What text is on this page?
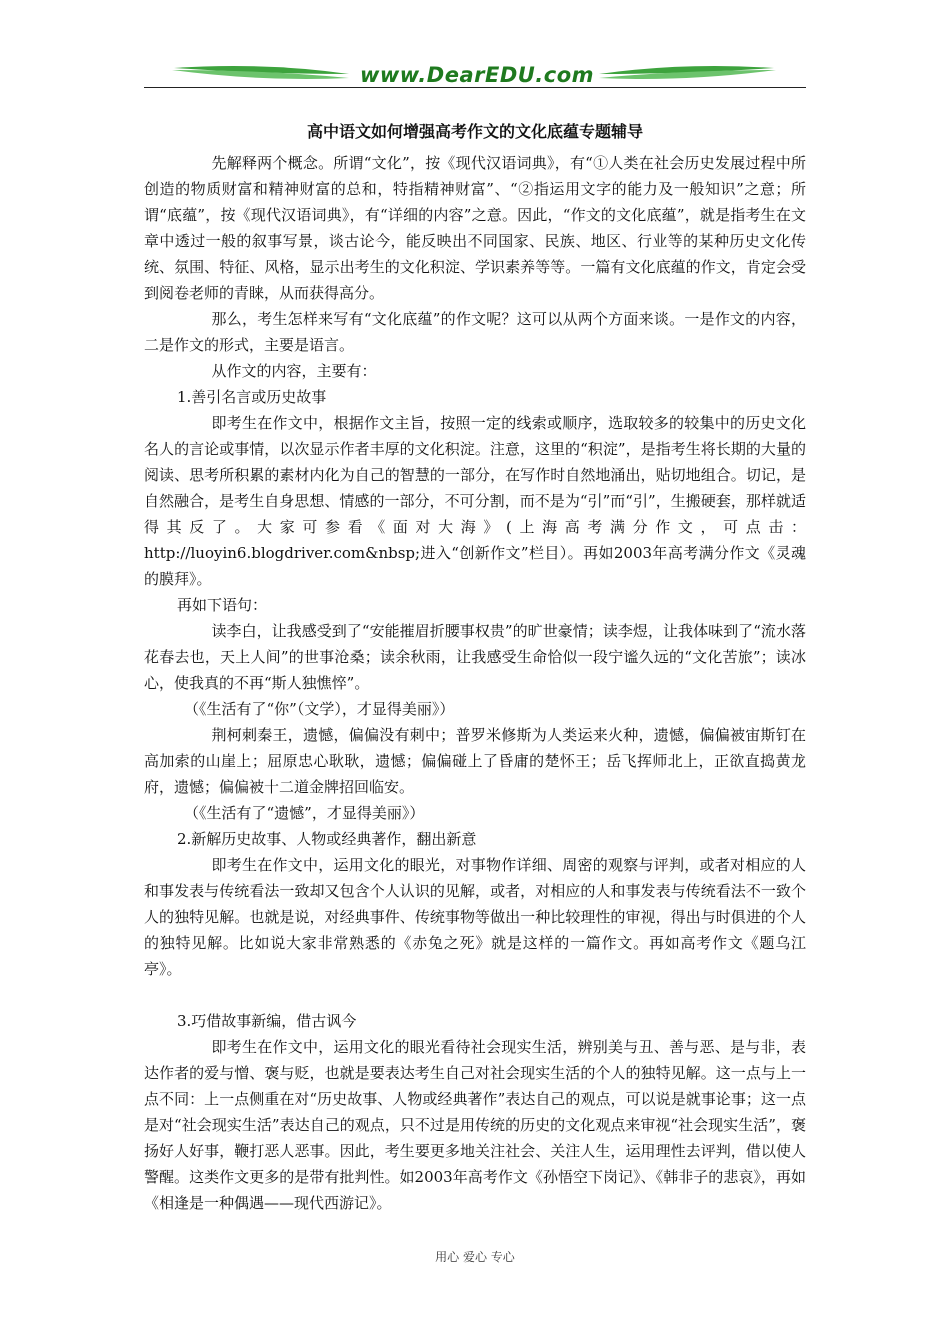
www.DearEDU.com
高中语文如何增强高考作文的文化底蕴专题辅导

先解释两个概念。所谓“文化”，按《现代汉语词典》，有“①人类在社会历史发展过程中所创造的物质财富和精神财富的总和，特指精神财富”、“②指运用文字的能力及一般知识”之意；所谓“底蕴”，按《现代汉语词典》，有“详细的内容”之意。因此，“作文的文化底蕴”，就是指考生在文章中透过一般的叙事写景，谈古论今，能反映出不同国家、民族、地区、行业等的某种历史文化传统、氛围、特征、风格，显示出考生的文化积淀、学识素养等等。一篇有文化底蕴的作文，肯定会受到阅卷老师的青睐，从而获得高分。

那么，考生怎样来写有“文化底蕴”的作文呢？这可以从两个方面来谈。一是作文的内容，二是作文的形式，主要是语言。

从作文的内容，主要有：

1.善引名言或历史故事

即考生在作文中，根据作文主旨，按照一定的线索或顺序，选取较多的较集中的历史文化名人的言论或事情，以次显示作者丰厚的文化积淀。注意，这里的“积淀”，是指考生将长期的大量的阅读、思考所积累的素材内化为自己的智慧的一部分，在写作时自然地涌出，贴切地组合。切记，是自然融合，是考生自身思想、情感的一部分，不可分割，而不是为“引”而“引”，生搬硬套，那样就适得其反了。大家可参看《面对大海》(上海高考满分作文，可点击：http://luoyin6.blogdriver.com&nbsp;进入“创新作文”栏目）。再如2003年高考满分作文《灵魂的膜拜》。

再如下语句：

读李白，让我感受到了“安能摧眉折腰事权贵”的旷世豪情；读李煜，让我体味到了“流水落花春去也，天上人间”的世事沧桑；读余秋雨，让我感受生命恰似一段宁谧久远的“文化苦旅”；读冰心，使我真的不再“斯人独憔悴”。

（《生活有了“你”（文学），才显得美丽》）

荆柯刺秦王，遗憾，偏偏没有刺中；普罗米修斯为人类运来火种，遗憾，偏偏被宙斯钉在高加索的山崖上；屈原忠心耿耿，遗憾；偏偏碰上了昏庸的楚怀王；岳飞挥师北上，正欲直捣黄龙府，遗憾；偏偏被十二道金牌招回临安。

（《生活有了“遗憾”，才显得美丽》）

2.新解历史故事、人物或经典著作，翻出新意

即考生在作文中，运用文化的眼光，对事物作详细、周密的观察与评判，或者对相应的人和事发表与传统看法一致却又包含个人认识的见解，或者，对相应的人和事发表与传统看法不一致个人的独特见解。也就是说，对经典事件、传统事物等做出一种比较理性的审视，得出与时俱进的个人的独特见解。比如说大家非常熟悉的《赤兔之死》就是这样的一篇作文。再如高考作文《题乌江亭》。

3.巧借故事新编，借古讽今

即考生在作文中，运用文化的眼光看待社会现实生活，辨别美与丑、善与恶、是与非，表达作者的爱与憎、褒与贬，也就是要表达考生自己对社会现实生活的个人的独特见解。这一点与上一点不同：上一点侧重在对“历史故事、人物或经典著作”表达自己的观点，可以说是就事论事；这一点是对“社会现实生活”表达自己的观点，只不过是用传统的历史的文化观点来审视“社会现实生活”，褒扬好人好事，鞭打恶人恶事。因此，考生要更多地关注社会、关注人生，运用理性去评判，借以使人警醒。这类作文更多的是带有批判性。如2003年高考作文《孙悟空下岗记》、《韩非子的悲哀》，再如《相逢是一种偶遇——现代西游记》。

用心 爱心 专心
